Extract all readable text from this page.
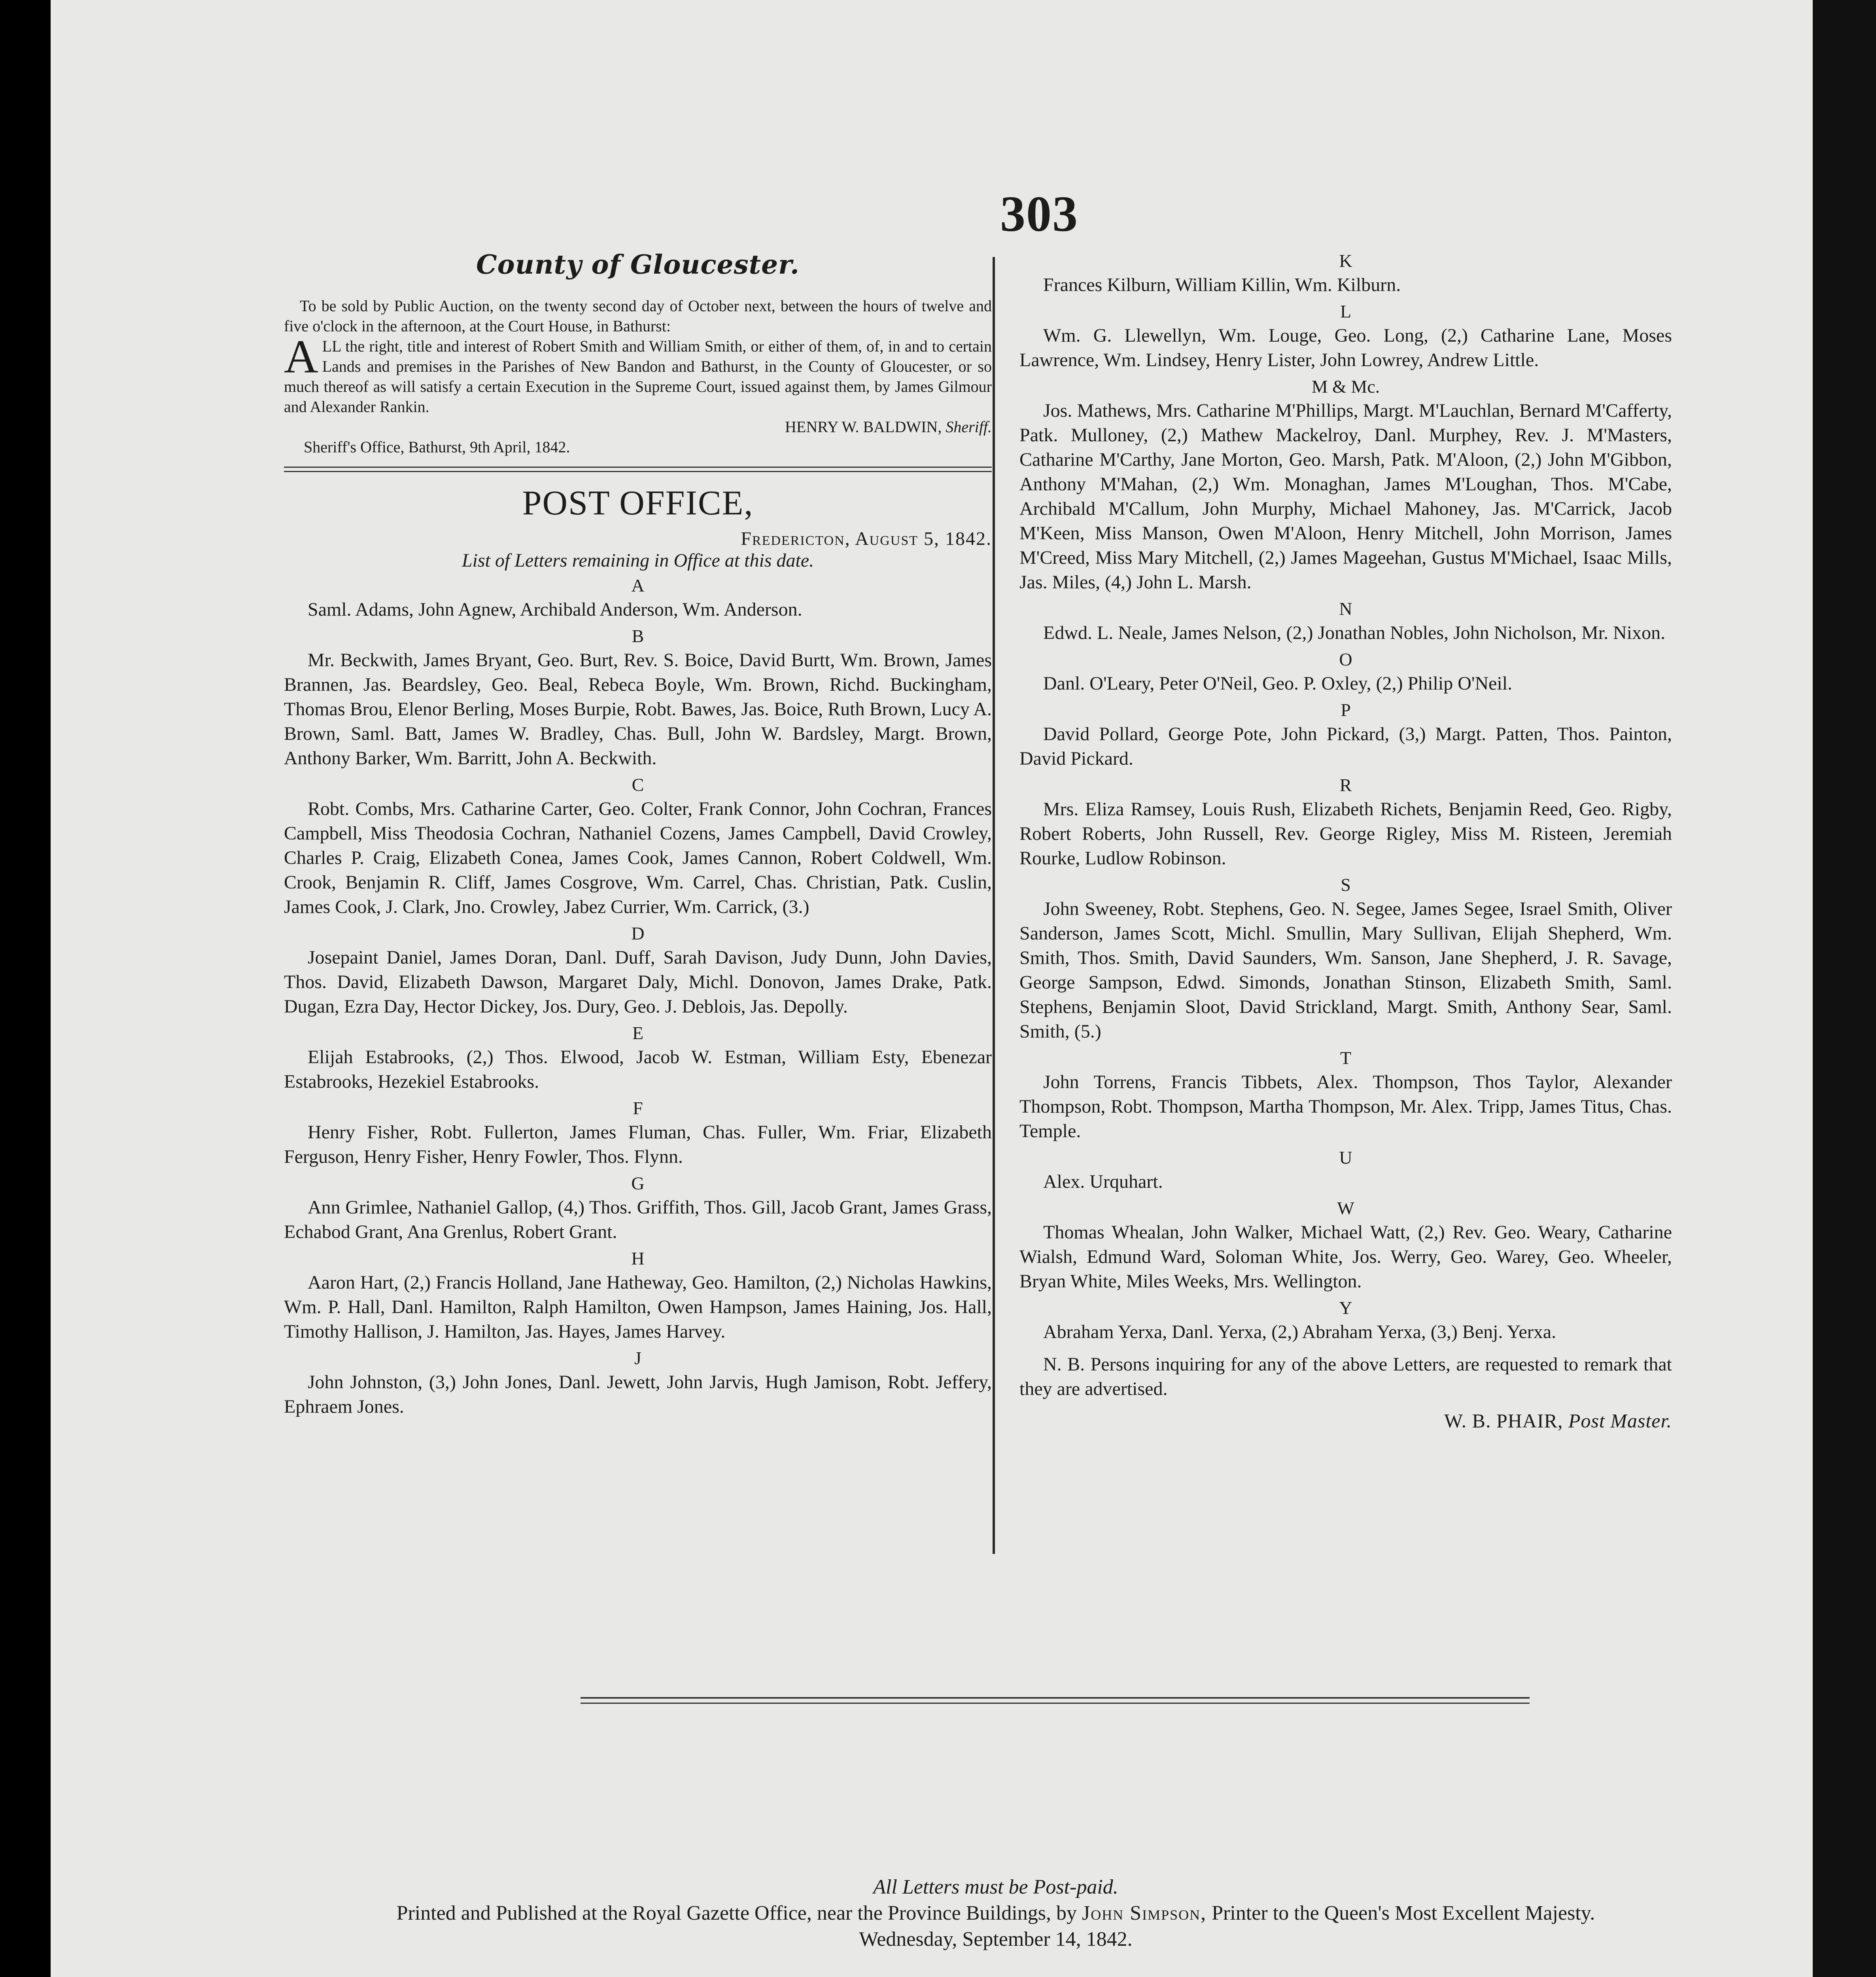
303

County of Gloucester.

To be sold by Public Auction, on the twenty second day of October next, between the hours of twelve and five o'clock in the afternoon, at the Court House, in Bathurst:

ALL the right, title and interest of Robert Smith and William Smith, or either of them, of, in and to certain Lands and premises in the Parishes of New Bandon and Bathurst, in the County of Gloucester, or so much thereof as will satisfy a certain Execution in the Supreme Court, issued against them, by James Gilmour and Alexander Rankin.

HENRY W. BALDWIN, Sheriff.

Sheriff's Office, Bathurst, 9th April, 1842.

POST OFFICE,

Fredericton, August 5, 1842.

List of Letters remaining in Office at this date.

A

Saml. Adams, John Agnew, Archibald Anderson, Wm. Anderson.

B

Mr. Beckwith, James Bryant, Geo. Burt, Rev. S. Boice, David Burtt, Wm. Brown, James Brannen, Jas. Beardsley, Geo. Beal, Rebeca Boyle, Wm. Brown, Richd. Buckingham, Thomas Brou, Elenor Berling, Moses Burpie, Robt. Bawes, Jas. Boice, Ruth Brown, Lucy A. Brown, Saml. Batt, James W. Bradley, Chas. Bull, John W. Bardsley, Margt. Brown, Anthony Barker, Wm. Barritt, John A. Beckwith.

C

Robt. Combs, Mrs. Catharine Carter, Geo. Colter, Frank Connor, John Cochran, Frances Campbell, Miss Theodosia Cochran, Nathaniel Cozens, James Campbell, David Crowley, Charles P. Craig, Elizabeth Conea, James Cook, James Cannon, Robert Coldwell, Wm. Crook, Benjamin R. Cliff, James Cosgrove, Wm. Carrel, Chas. Christian, Patk. Cuslin, James Cook, J. Clark, Jno. Crowley, Jabez Currier, Wm. Carrick, (3.)

D

Josepaint Daniel, James Doran, Danl. Duff, Sarah Davison, Judy Dunn, John Davies, Thos. David, Elizabeth Dawson, Margaret Daly, Michl. Donovon, James Drake, Patk. Dugan, Ezra Day, Hector Dickey, Jos. Dury, Geo. J. Deblois, Jas. Depolly.

E

Elijah Estabrooks, (2,) Thos. Elwood, Jacob W. Estman, William Esty, Ebenezar Estabrooks, Hezekiel Estabrooks.

F

Henry Fisher, Robt. Fullerton, James Fluman, Chas. Fuller, Wm. Friar, Elizabeth Ferguson, Henry Fisher, Henry Fowler, Thos. Flynn.

G

Ann Grimlee, Nathaniel Gallop, (4,) Thos. Griffith, Thos. Gill, Jacob Grant, James Grass, Echabod Grant, Ana Grenlus, Robert Grant.

H

Aaron Hart, (2,) Francis Holland, Jane Hatheway, Geo. Hamilton, (2,) Nicholas Hawkins, Wm. P. Hall, Danl. Hamilton, Ralph Hamilton, Owen Hampson, James Haining, Jos. Hall, Timothy Hallison, J. Hamilton, Jas. Hayes, James Harvey.

J

John Johnston, (3,) John Jones, Danl. Jewett, John Jarvis, Hugh Jamison, Robt. Jeffery, Ephraem Jones.

K

Frances Kilburn, William Killin, Wm. Kilburn.

L

Wm. G. Llewellyn, Wm. Louge, Geo. Long, (2,) Catharine Lane, Moses Lawrence, Wm. Lindsey, Henry Lister, John Lowrey, Andrew Little.

M & Mc.

Jos. Mathews, Mrs. Catharine M'Phillips, Margt. M'Lauchlan, Bernard M'Cafferty, Patk. Mulloney, (2,) Mathew Mackelroy, Danl. Murphey, Rev. J. M'Masters, Catharine M'Carthy, Jane Morton, Geo. Marsh, Patk. M'Aloon, (2,) John M'Gibbon, Anthony M'Mahan, (2,) Wm. Monaghan, James M'Loughan, Thos. M'Cabe, Archibald M'Callum, John Murphy, Michael Mahoney, Jas. M'Carrick, Jacob M'Keen, Miss Manson, Owen M'Aloon, Henry Mitchell, John Morrison, James M'Creed, Miss Mary Mitchell, (2,) James Mageehan, Gustus M'Michael, Isaac Mills, Jas. Miles, (4,) John L. Marsh.

N

Edwd. L. Neale, James Nelson, (2,) Jonathan Nobles, John Nicholson, Mr. Nixon.

O

Danl. O'Leary, Peter O'Neil, Geo. P. Oxley, (2,) Philip O'Neil.

P

David Pollard, George Pote, John Pickard, (3,) Margt. Patten, Thos. Painton, David Pickard.

R

Mrs. Eliza Ramsey, Louis Rush, Elizabeth Richets, Benjamin Reed, Geo. Rigby, Robert Roberts, John Russell, Rev. George Rigley, Miss M. Risteen, Jeremiah Rourke, Ludlow Robinson.

S

John Sweeney, Robt. Stephens, Geo. N. Segee, James Segee, Israel Smith, Oliver Sanderson, James Scott, Michl. Smullin, Mary Sullivan, Elijah Shepherd, Wm. Smith, Thos. Smith, David Saunders, Wm. Sanson, Jane Shepherd, J. R. Savage, George Sampson, Edwd. Simonds, Jonathan Stinson, Elizabeth Smith, Saml. Stephens, Benjamin Sloot, David Strickland, Margt. Smith, Anthony Sear, Saml. Smith, (5.)

T

John Torrens, Francis Tibbets, Alex. Thompson, Thos Taylor, Alexander Thompson, Robt. Thompson, Martha Thompson, Mr. Alex. Tripp, James Titus, Chas. Temple.

U

Alex. Urquhart.

W

Thomas Whealan, John Walker, Michael Watt, (2,) Rev. Geo. Weary, Catharine Wialsh, Edmund Ward, Soloman White, Jos. Werry, Geo. Warey, Geo. Wheeler, Bryan White, Miles Weeks, Mrs. Wellington.

Y

Abraham Yerxa, Danl. Yerxa, (2,) Abraham Yerxa, (3,) Benj. Yerxa.

N. B. Persons inquiring for any of the above Letters, are requested to remark that they are advertised.

W. B. PHAIR, Post Master.

All Letters must be Post-paid.

Printed and Published at the Royal Gazette Office, near the Province Buildings, by John Simpson, Printer to the Queen's Most Excellent Majesty.

Wednesday, September 14, 1842.
